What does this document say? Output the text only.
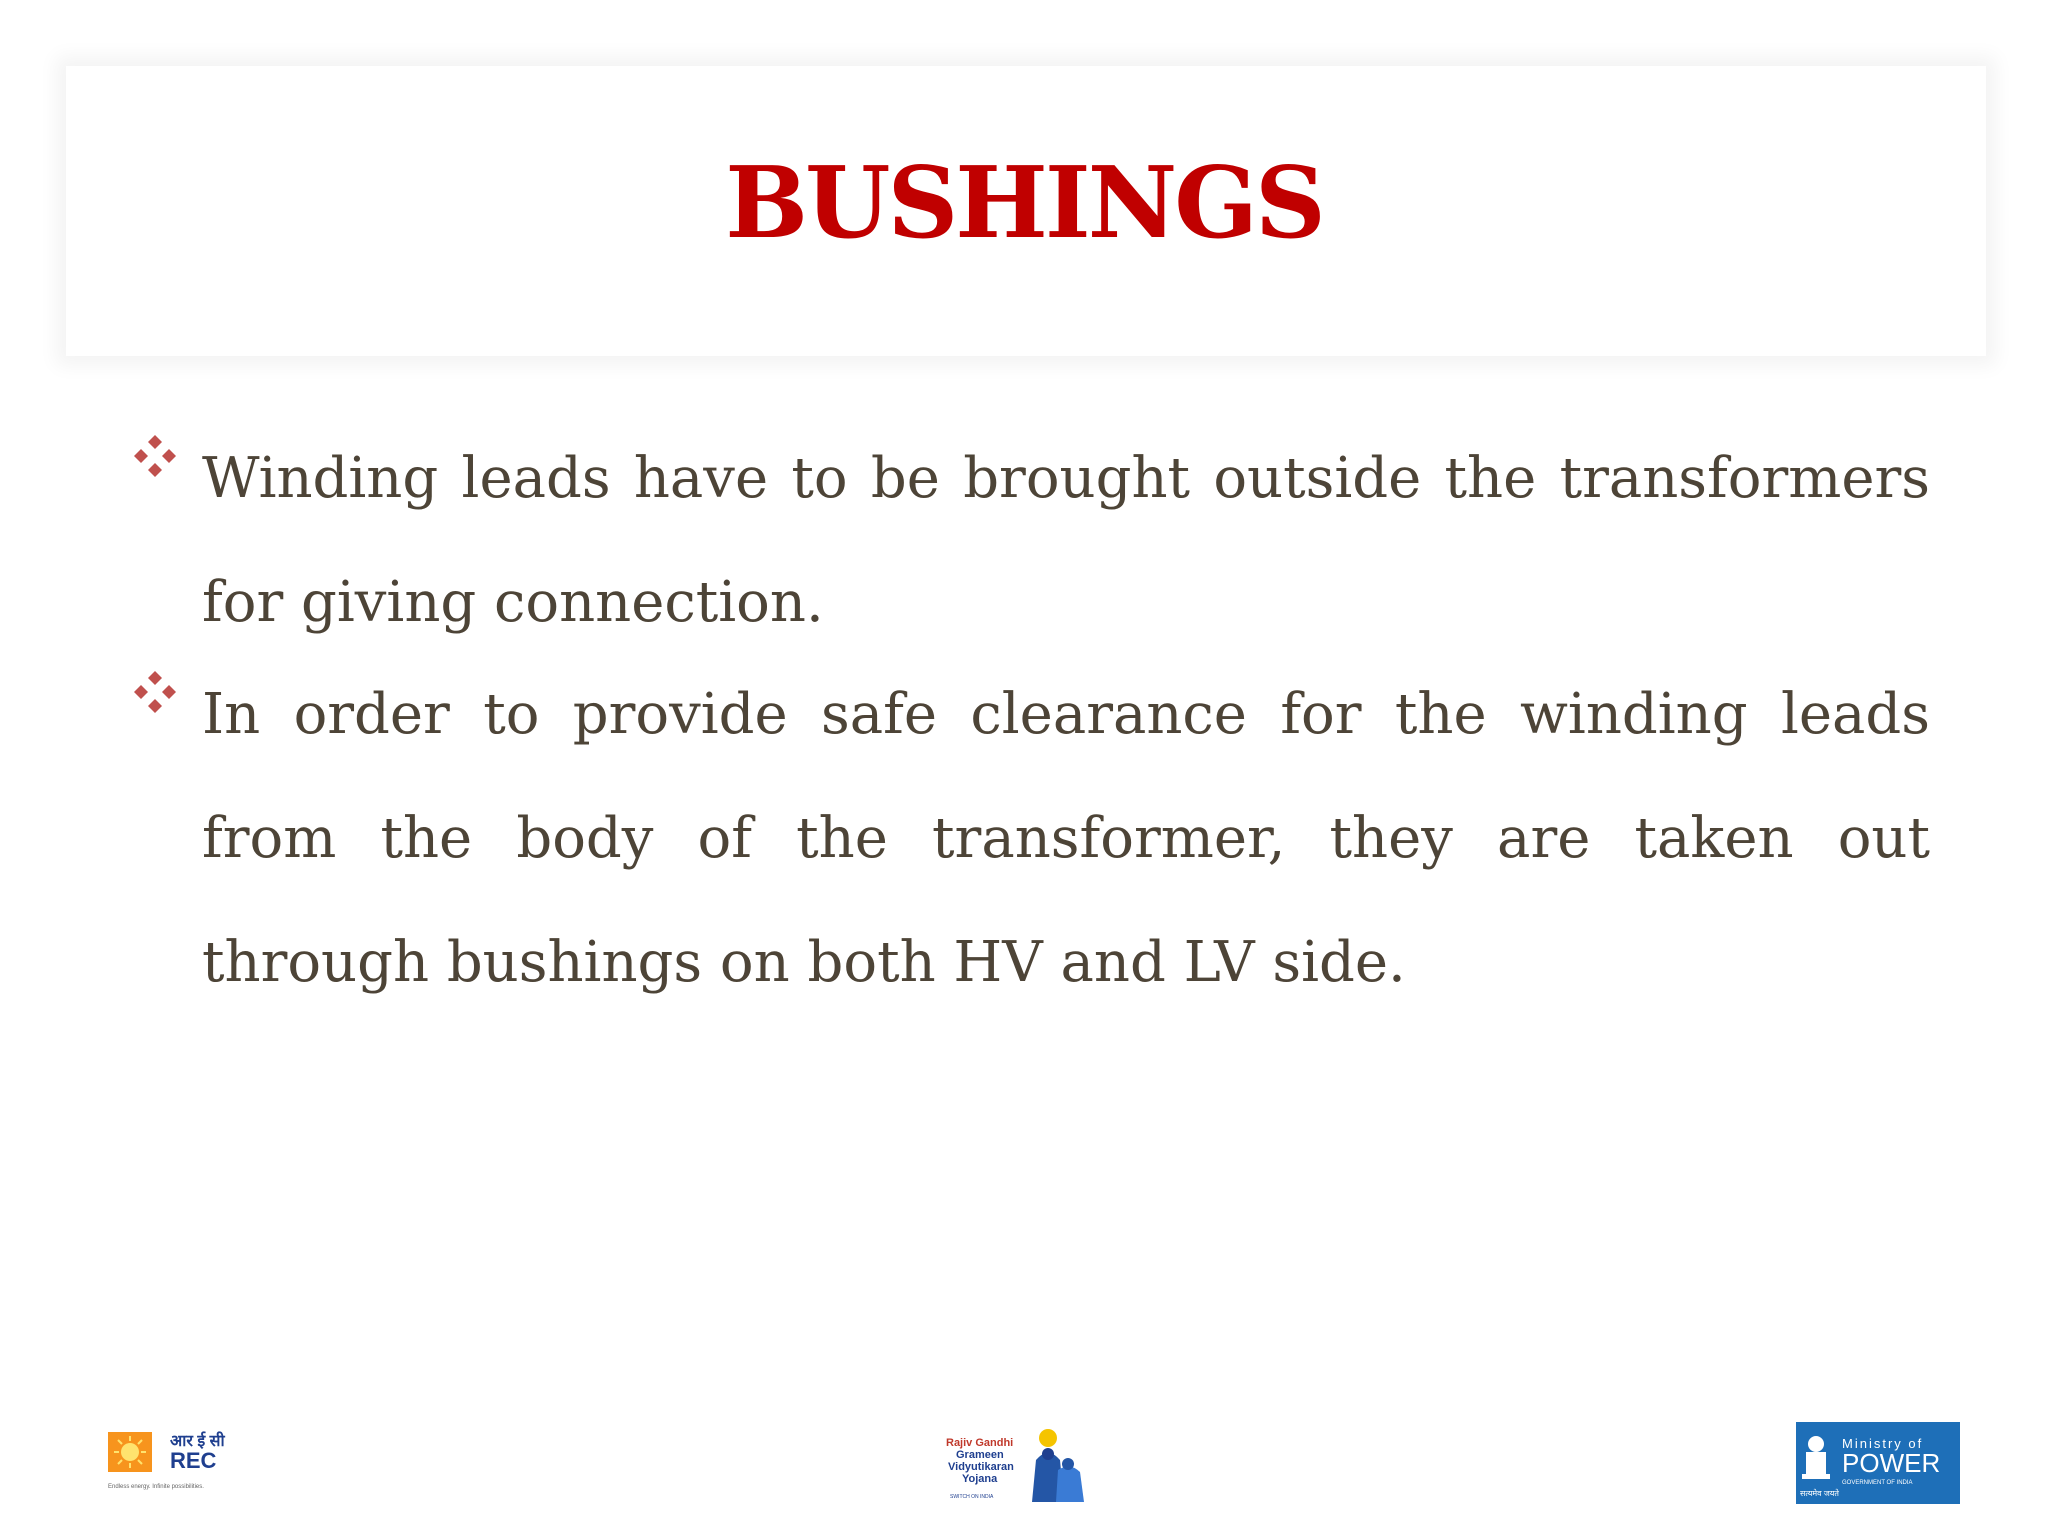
BUSHINGS

Winding leads have to be brought outside the transformers for giving connection.

In order to provide safe clearance for the winding leads from the body of the transformer, they are taken out through bushings on both HV and LV side.

आर ई सी
REC
Endless energy. Infinite possibilities.
Rajiv Gandhi
Grameen
Vidyutikaran
Yojana
SWITCH ON INDIA
Ministry of
POWER
GOVERNMENT OF INDIA
सत्यमेव जयते
